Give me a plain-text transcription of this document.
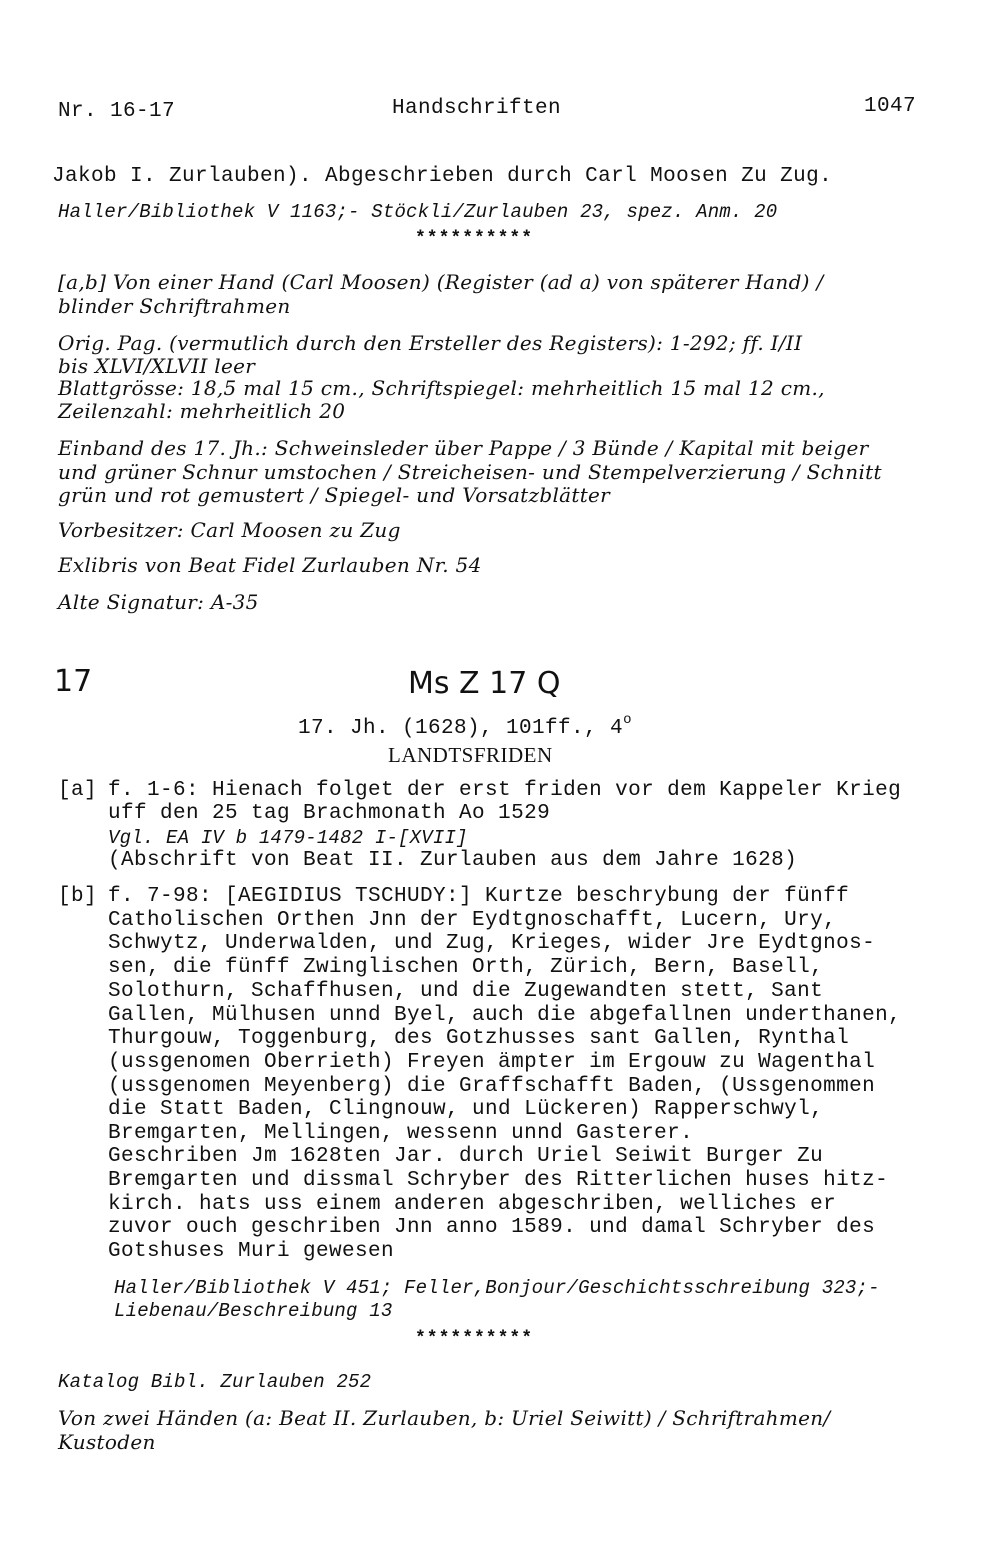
Nr. 16-17	Handschriften	1047
Jakob I. Zurlauben). Abgeschrieben durch Carl Moosen Zu Zug.
Haller/Bibliothek V 1163;- Stöckli/Zurlauben 23, spez. Anm. 20
**********
[a,b] Von einer Hand (Carl Moosen) (Register (ad a) von späterer Hand) /
blinder Schriftrahmen
Orig. Pag. (vermutlich durch den Ersteller des Registers): 1-292; ff. I/II
bis XLVI/XLVII leer
Blattgrösse: 18,5 mal 15 cm., Schriftspiegel: mehrheitlich 15 mal 12 cm.,
Zeilenzahl: mehrheitlich 20
Einband des 17. Jh.: Schweinsleder über Pappe / 3 Bünde / Kapital mit beiger
und grüner Schnur umstochen / Streicheisen- und Stempelverzierung / Schnitt
grün und rot gemustert / Spiegel- und Vorsatzblätter
Vorbesitzer: Carl Moosen zu Zug
Exlibris von Beat Fidel Zurlauben Nr. 54
Alte Signatur: A-35
17	Ms Z 17 Q
17. Jh. (1628), 101ff., 4$^o$
LANDTSFRIDEN
[a] f. 1-6: Hienach folget der erst friden vor dem Kappeler Krieg
uff den 25 tag Brachmonath Ao 1529
Vgl. EA IV b 1479-1482 I-[XVII]
(Abschrift von Beat II. Zurlauben aus dem Jahre 1628)
[b] f. 7-98: [AEGIDIUS TSCHUDY:] Kurtze beschrybung der fünff
Catholischen Orthen Jnn der Eydtgnoschafft, Lucern, Ury,
Schwytz, Underwalden, und Zug, Krieges, wider Jre Eydtgnos-
sen, die fünff Zwinglischen Orth, Zürich, Bern, Basell,
Solothurn, Schaffhusen, und die Zugewandten stett, Sant
Gallen, Mülhusen unnd Byel, auch die abgefallnen underthanen,
Thurgouw, Toggenburg, des Gotzhusses sant Gallen, Rynthal
(ussgenomen Oberrieth) Freyen ämpter im Ergouw zu Wagenthal
(ussgenomen Meyenberg) die Graffschafft Baden, (Ussgenommen
die Statt Baden, Clingnouw, und Lückeren) Rapperschwyl,
Bremgarten, Mellingen, wessenn unnd Gasterer.
Geschriben Jm 1628ten Jar. durch Uriel Seiwit Burger Zu
Bremgarten und dissmal Schryber des Ritterlichen huses hitz-
kirch. hats uss einem anderen abgeschriben, welliches er
zuvor ouch geschriben Jnn anno 1589. und damal Schryber des
Gotshuses Muri gewesen
Haller/Bibliothek V 451; Feller,Bonjour/Geschichtsschreibung 323;-
Liebenau/Beschreibung 13
**********
Katalog Bibl. Zurlauben 252
Von zwei Händen (a: Beat II. Zurlauben, b: Uriel Seiwitt) / Schriftrahmen/
Kustoden
